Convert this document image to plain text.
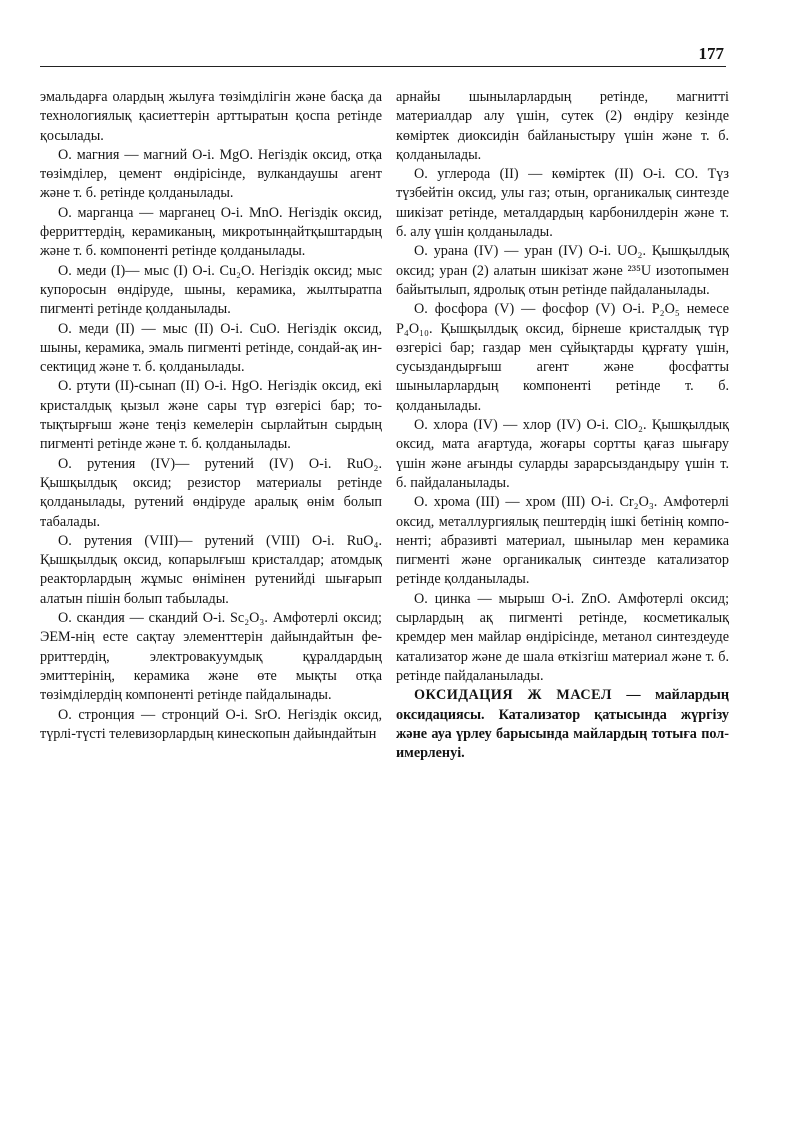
177

эмальдарға олардың жылуға төзімділігін және басқа да технологиялық қасиеттерін арттыратын қоспа ретінде қосылады.

О. магния — магний О-і. MgO. Негіздік оксид, отқа төзімділер, цемент өндірісінде, вулкандаушы агент және т. б. ретінде қолданылады.

О. марганца — марганец О-і. MnO. Негіздік оксид, ферриттердің, керамиканың, микротынңайтқыштардың және т. б. компоненті ретінде қолданылады.

О. меди (I)— мыс (I) О-і. Cu₂O. Негіздік оксид; мыс купоросын өндіруде, шыны, керамика, жылтыратпа пигменті ретінде қолданылады.

О. меди (II) — мыс (II) О-і. CuO. Негіздік оксид, шыны, керамика, эмаль пигменті ретінде, сондай-ақ инсектицид және т. б. қолданылады.

О. ртути (II)-сынап (II) О-і. HgO. Негіздік оксид, екі кристалдық қызыл және сары түр өзгерісі бар; тотықтырғыш және теңіз кемелерін сырлайтын сырдың пигменті ретінде және т. б. қолданылады.

О. рутения (IV)— рутений (IV) О-і. RuO₂. Қышқылдық оксид; резистор материалы ретінде қолданылады, рутений өндіруде аралық өнім болып табалады.

О. рутения (VIII)— рутений (VIII) О-і. RuO₄. Қышқылдық оксид, копарылғыш кристалдар; атомдық реакторлардың жұмыс өнімінен рутенийді шығарып алатын пішін болып табылады.

О. скандия — скандий О-і. Sc₂O₃. Амфотерлі оксид; ЭЕМ-нің есте сақтау элементтерін дайындайтын ферриттердің, электровакуумдық құралдардың эмиттерінің, керамика және өте мықты отқа төзімділердің компоненті ретінде пайдалынады.

О. стронция — стронций О-і. SrO. Негіздік оксид, түрлі-түсті телевизорлардың кинескопын дайындайтын

арнайы шыныларлардың ретінде, магнитті материалдар алу үшін, сутек (2) өндіру кезінде көміртек диоксидін байланыстыру үшін және т. б. қолданылады.

О. углерода (II) — көміртек (II) О-і. CO. Түз түзбейтін оксид, улы газ; отын, органикалық синтезде шикізат ретінде, металдардың карбонилдерін және т. б. алу үшін қолданылады.

О. урана (IV) — уран (IV) О-і. UO₂. Қышқылдық оксид; уран (2) алатын шикізат және ²³⁵U изотопымен байытылып, ядролық отын ретінде пайдаланылады.

О. фосфора (V) — фосфор (V) О-і. P₂O₅ немесе P₄O₁₀. Қышқылдық оксид, бірнеше кристалдық түр өзгерісі бар; газдар мен сұйықтарды құрғату үшін, сусыздандырғыш агент және фосфатты шыныларлардың компоненті ретінде т. б. қолданылады.

О. хлора (IV) — хлор (IV) О-і. ClO₂. Қышқылдық оксид, мата ағартуда, жоғары сортты қағаз шығару үшін және ағынды суларды зарарсыздандыру үшін т. б. пайдаланылады.

О. хрома (III) — хром (III) О-і. Cr₂O₃. Амфотерлі оксид, металлургиялық пештердің ішкі бетінің компоненті; абразивті материал, шынылар мен керамика пигменті және органикалық синтезде катализатор ретінде қолданылады.

О. цинка — мырыш О-і. ZnO. Амфотерлі оксид; сырлардың ақ пигменті ретінде, косметикалық кремдер мен майлар өндірісінде, метанол синтездеуде катализатор және де шала өткізгіш материал және т. б. ретінде пайдаланылады.

ОКСИДАЦИЯ Ж МАСЕЛ — майлардың оксидациясы. Катализатор қатысында жүргізу және ауа үрлеу барысында майлардың тотыға полимерленуі.
